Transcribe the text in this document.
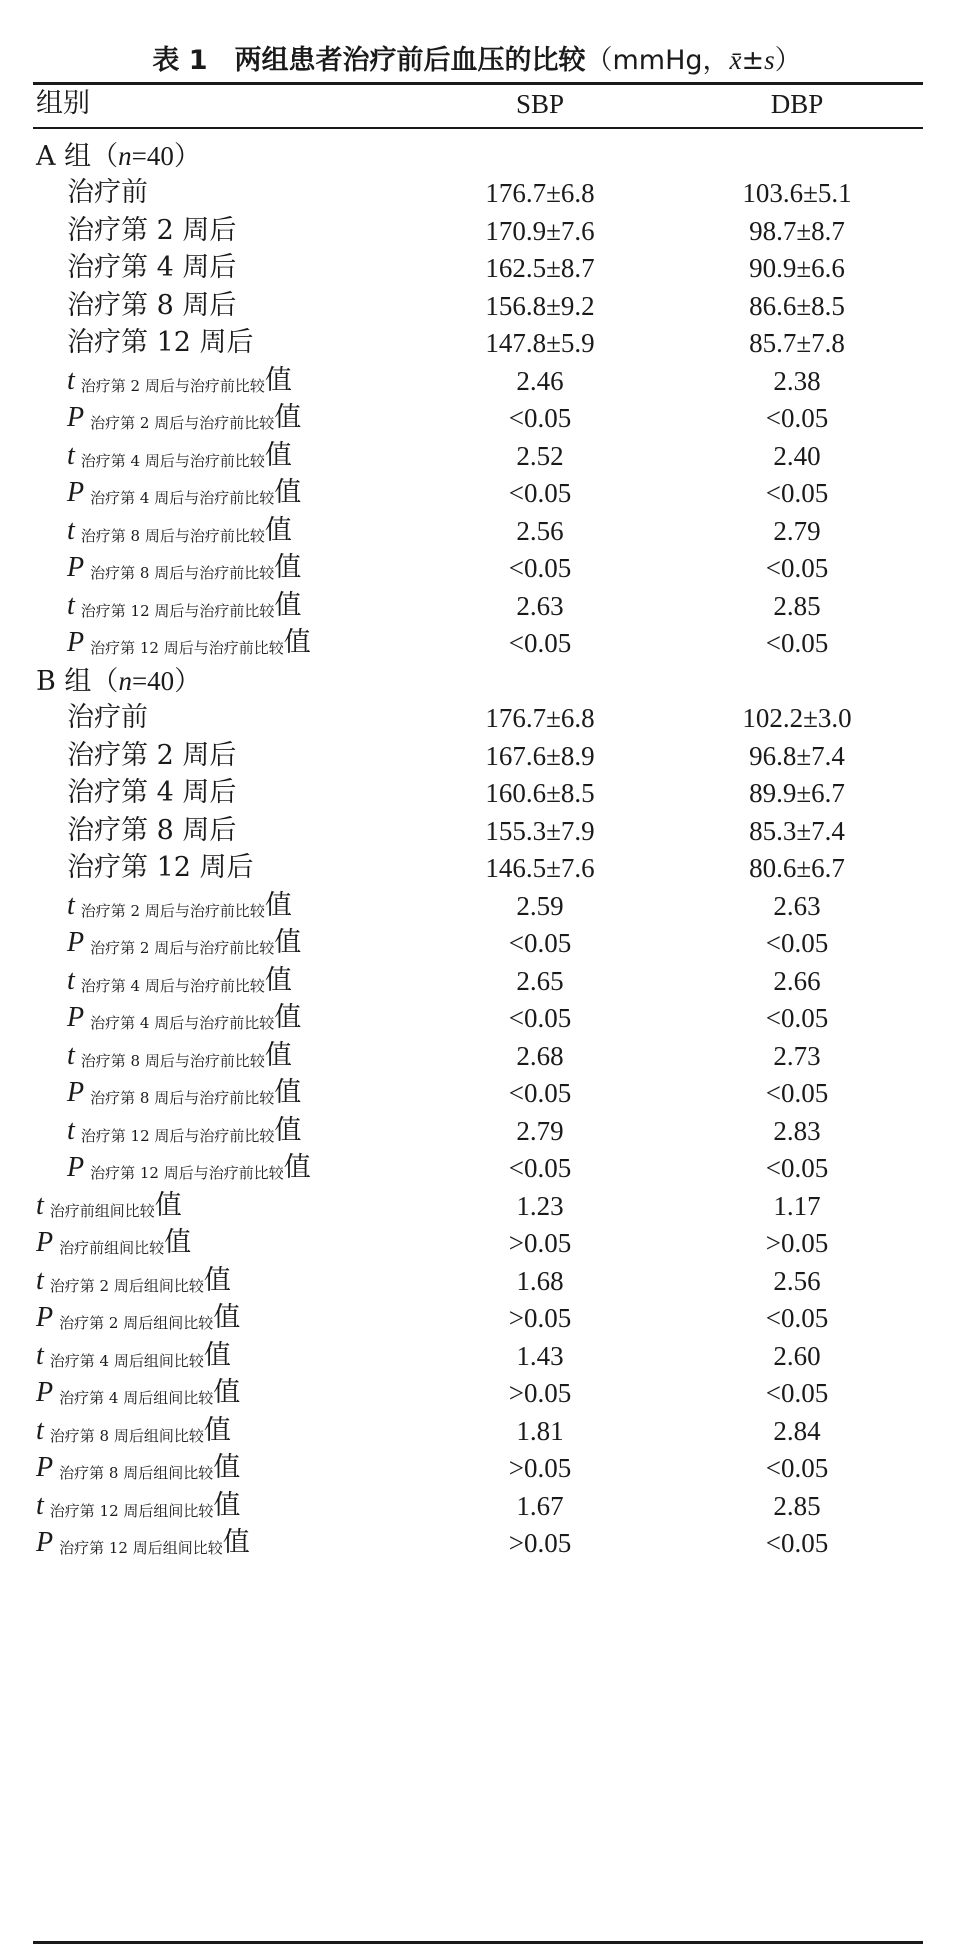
表 1　两组患者治疗前后血压的比较（mmHg，x̄±s）
组别	SBP	DBP
A 组（n=40）
治疗前	176.7±6.8	103.6±5.1
治疗第 2 周后	170.9±7.6	98.7±8.7
治疗第 4 周后	162.5±8.7	90.9±6.6
治疗第 8 周后	156.8±9.2	86.6±8.5
治疗第 12 周后	147.8±5.9	85.7±7.8
t治疗第 2 周后与治疗前比较值	2.46	2.38
P治疗第 2 周后与治疗前比较值	<0.05	<0.05
t治疗第 4 周后与治疗前比较值	2.52	2.40
P治疗第 4 周后与治疗前比较值	<0.05	<0.05
t治疗第 8 周后与治疗前比较值	2.56	2.79
P治疗第 8 周后与治疗前比较值	<0.05	<0.05
t治疗第 12 周后与治疗前比较值	2.63	2.85
P治疗第 12 周后与治疗前比较值	<0.05	<0.05
B 组（n=40）
治疗前	176.7±6.8	102.2±3.0
治疗第 2 周后	167.6±8.9	96.8±7.4
治疗第 4 周后	160.6±8.5	89.9±6.7
治疗第 8 周后	155.3±7.9	85.3±7.4
治疗第 12 周后	146.5±7.6	80.6±6.7
t治疗第 2 周后与治疗前比较值	2.59	2.63
P治疗第 2 周后与治疗前比较值	<0.05	<0.05
t治疗第 4 周后与治疗前比较值	2.65	2.66
P治疗第 4 周后与治疗前比较值	<0.05	<0.05
t治疗第 8 周后与治疗前比较值	2.68	2.73
P治疗第 8 周后与治疗前比较值	<0.05	<0.05
t治疗第 12 周后与治疗前比较值	2.79	2.83
P治疗第 12 周后与治疗前比较值	<0.05	<0.05
t治疗前组间比较值	1.23	1.17
P治疗前组间比较值	>0.05	>0.05
t治疗第 2 周后组间比较值	1.68	2.56
P治疗第 2 周后组间比较值	>0.05	<0.05
t治疗第 4 周后组间比较值	1.43	2.60
P治疗第 4 周后组间比较值	>0.05	<0.05
t治疗第 8 周后组间比较值	1.81	2.84
P治疗第 8 周后组间比较值	>0.05	<0.05
t治疗第 12 周后组间比较值	1.67	2.85
P治疗第 12 周后组间比较值	>0.05	<0.05
